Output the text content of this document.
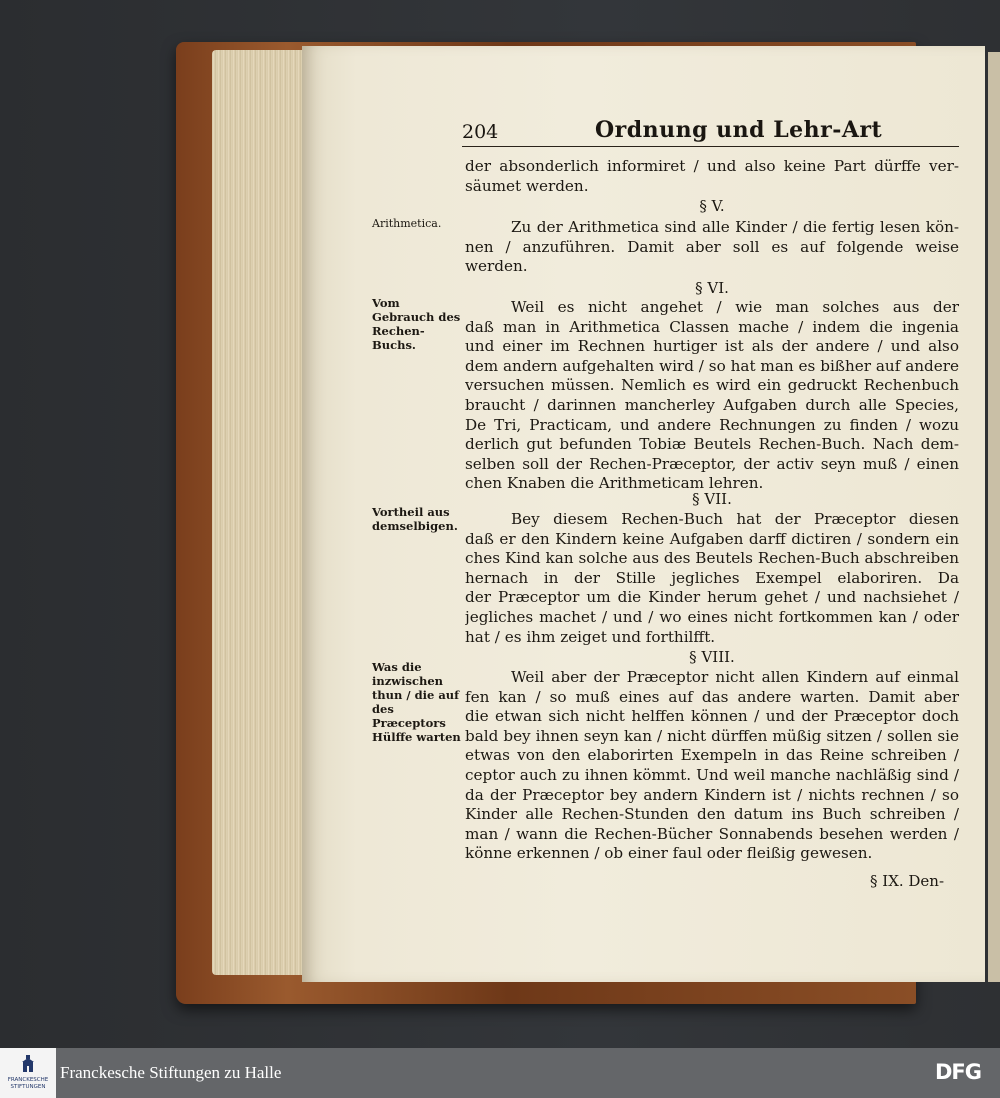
204	Ordnung und Lehr-Art
der absonderlich informiret / und also keine Part dürffe ver-
säumet werden.
§ V.
Arithmetica.	Zu der Arithmetica sind alle Kinder / die fertig lesen kön-
nen / anzuführen. Damit aber soll es auf folgende weise
werden.
§ VI.
Vom Gebrauch des Rechen-Buchs.
Weil es nicht angehet / wie man solches aus der
daß man in Arithmetica Classen mache / indem die ingenia
und einer im Rechnen hurtiger ist als der andere / und also
dem andern aufgehalten wird / so hat man es bißher auf andere
versuchen müssen. Nemlich es wird ein gedruckt Rechenbuch
braucht / darinnen mancherley Aufgaben durch alle Species,
De Tri, Practicam, und andere Rechnungen zu finden / wozu
derlich gut befunden Tobiæ Beutels Rechen-Buch. Nach dem-
selben soll der Rechen-Præceptor, der activ seyn muß / einen
chen Knaben die Arithmeticam lehren.
§ VII.
Vortheil aus demselbigen.	Bey diesem Rechen-Buch hat der Præceptor diesen
daß er den Kindern keine Aufgaben darff dictiren / sondern ein
ches Kind kan solche aus des Beutels Rechen-Buch abschreiben
hernach in der Stille jegliches Exempel elaboriren. Da
der Præceptor um die Kinder herum gehet / und nachsiehet /
jegliches machet / und / wo eines nicht fortkommen kan / oder
hat / es ihm zeiget und forthilfft.
§ VIII.
Was die inzwischen thun / die auf des Præceptors Hülffe warten
Weil aber der Præceptor nicht allen Kindern auf einmal
fen kan / so muß eines auf das andere warten. Damit aber
die etwan sich nicht helffen können / und der Præceptor doch
bald bey ihnen seyn kan / nicht dürffen müßig sitzen / sollen sie
etwas von den elaborirten Exempeln in das Reine schreiben /
ceptor auch zu ihnen kömmt. Und weil manche nachläßig sind /
da der Præceptor bey andern Kindern ist / nichts rechnen / so
Kinder alle Rechen-Stunden den datum ins Buch schreiben /
man / wann die Rechen-Bücher Sonnabends besehen werden /
könne erkennen / ob einer faul oder fleißig gewesen.
§ IX. Den-
FRANCKESCHE
STIFTUNGEN
Franckesche Stiftungen zu Halle	DFG
